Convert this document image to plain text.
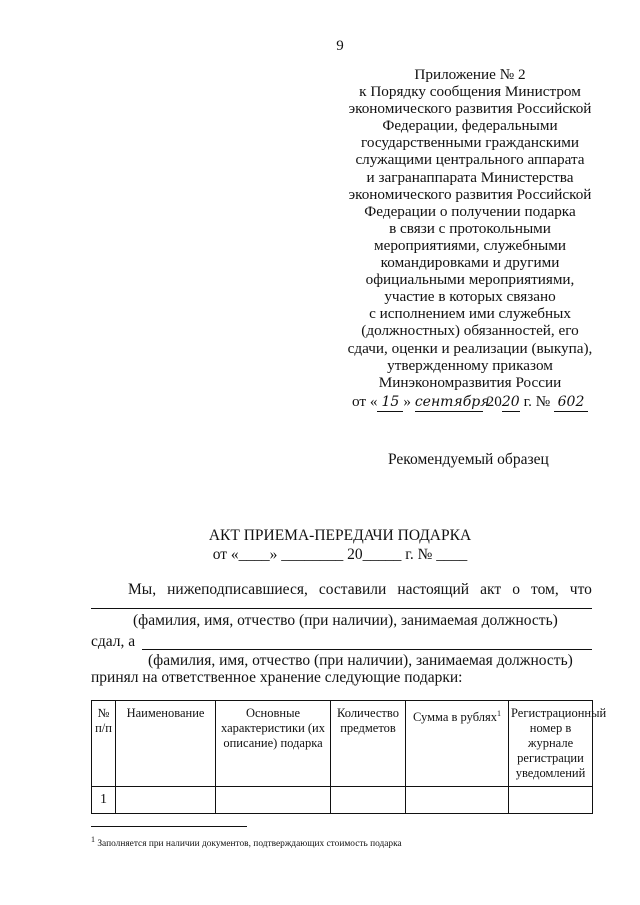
9
Приложение № 2
к Порядку сообщения Министром
экономического развития Российской
Федерации, федеральными
государственными гражданскими
служащими центрального аппарата
и загранаппарата Министерства
экономического развития Российской
Федерации о получении подарка
в связи с протокольными
мероприятиями, служебными
командировками и другими
официальными мероприятиями,
участие в которых связано
с исполнением ими служебных
(должностных) обязанностей, его
сдачи, оценки и реализации (выкупа),
утвержденному приказом
Минэкономразвития России
от « 15 » сентября 2020 г. № 602
Рекомендуемый образец
АКТ ПРИЕМА-ПЕРЕДАЧИ ПОДАРКА
от «____» ________ 20_____ г. № ____
Мы, нижеподписавшиеся, составили настоящий акт о том, что
(фамилия, имя, отчество (при наличии), занимаемая должность)
сдал, а
(фамилия, имя, отчество (при наличии), занимаемая должность)
принял на ответственное хранение следующие подарки:
№ п/п	Наименование	Основные характеристики (их описание) подарка	Количество предметов	Сумма в рублях$^1$	Регистрационный номер в журнале регистрации уведомлений
1					
$^1$ Заполняется при наличии документов, подтверждающих стоимость подарка
